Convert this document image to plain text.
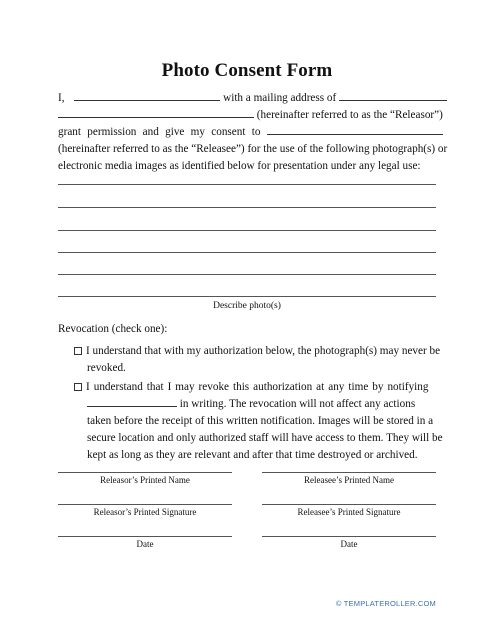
Photo Consent Form
I,	with a mailing address of
(hereinafter referred to as the “Releasor”)
grant permission and give my consent to
(hereinafter referred to as the “Releasee”) for the use of the following photograph(s) or
electronic media images as identified below for presentation under any legal use:
Describe photo(s)
Revocation (check one):
I understand that with my authorization below, the photograph(s) may never be
revoked.
I understand that I may revoke this authorization at any time by notifying
in writing. The revocation will not affect any actions
taken before the receipt of this written notification. Images will be stored in a
secure location and only authorized staff will have access to them. They will be
kept as long as they are relevant and after that time destroyed or archived.
Releasor’s Printed Name	Releasee’s Printed Name
Releasor’s Printed Signature	Releasee’s Printed Signature
Date	Date
© TEMPLATEROLLER.COM
